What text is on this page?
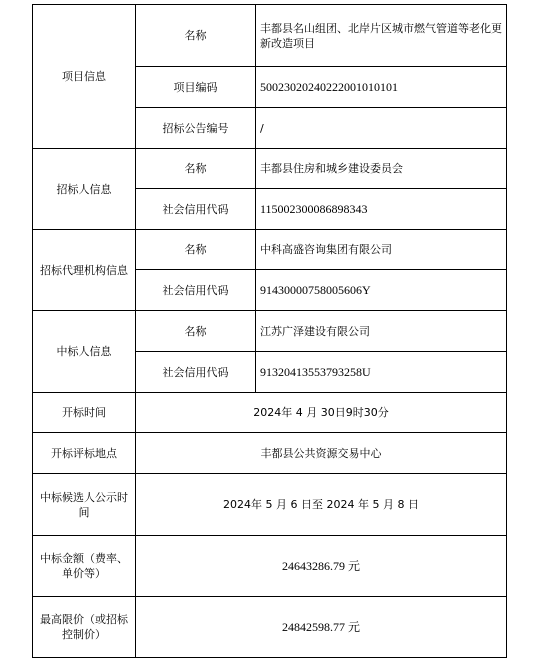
项目信息	名称	丰都县名山组团、北岸片区城市燃气管道等老化更新改造项目
	项目编码	50023020240222001010101
	招标公告编号	/
招标人信息	名称	丰都县住房和城乡建设委员会
	社会信用代码	115002300086898343
招标代理机构信息	名称	中科高盛咨询集团有限公司
	社会信用代码	91430000758005606Y
中标人信息	名称	江苏广泽建设有限公司
	社会信用代码	91320413553793258U
开标时间	2024年 4 月 30日9时30分	
开标评标地点	丰都县公共资源交易中心	
中标候选人公示时间	2024年 5 月 6 日至 2024 年 5 月 8 日	
中标金额（费率、单价等）	24643286.79 元	
最高限价（或招标控制价）	24842598.77 元	
